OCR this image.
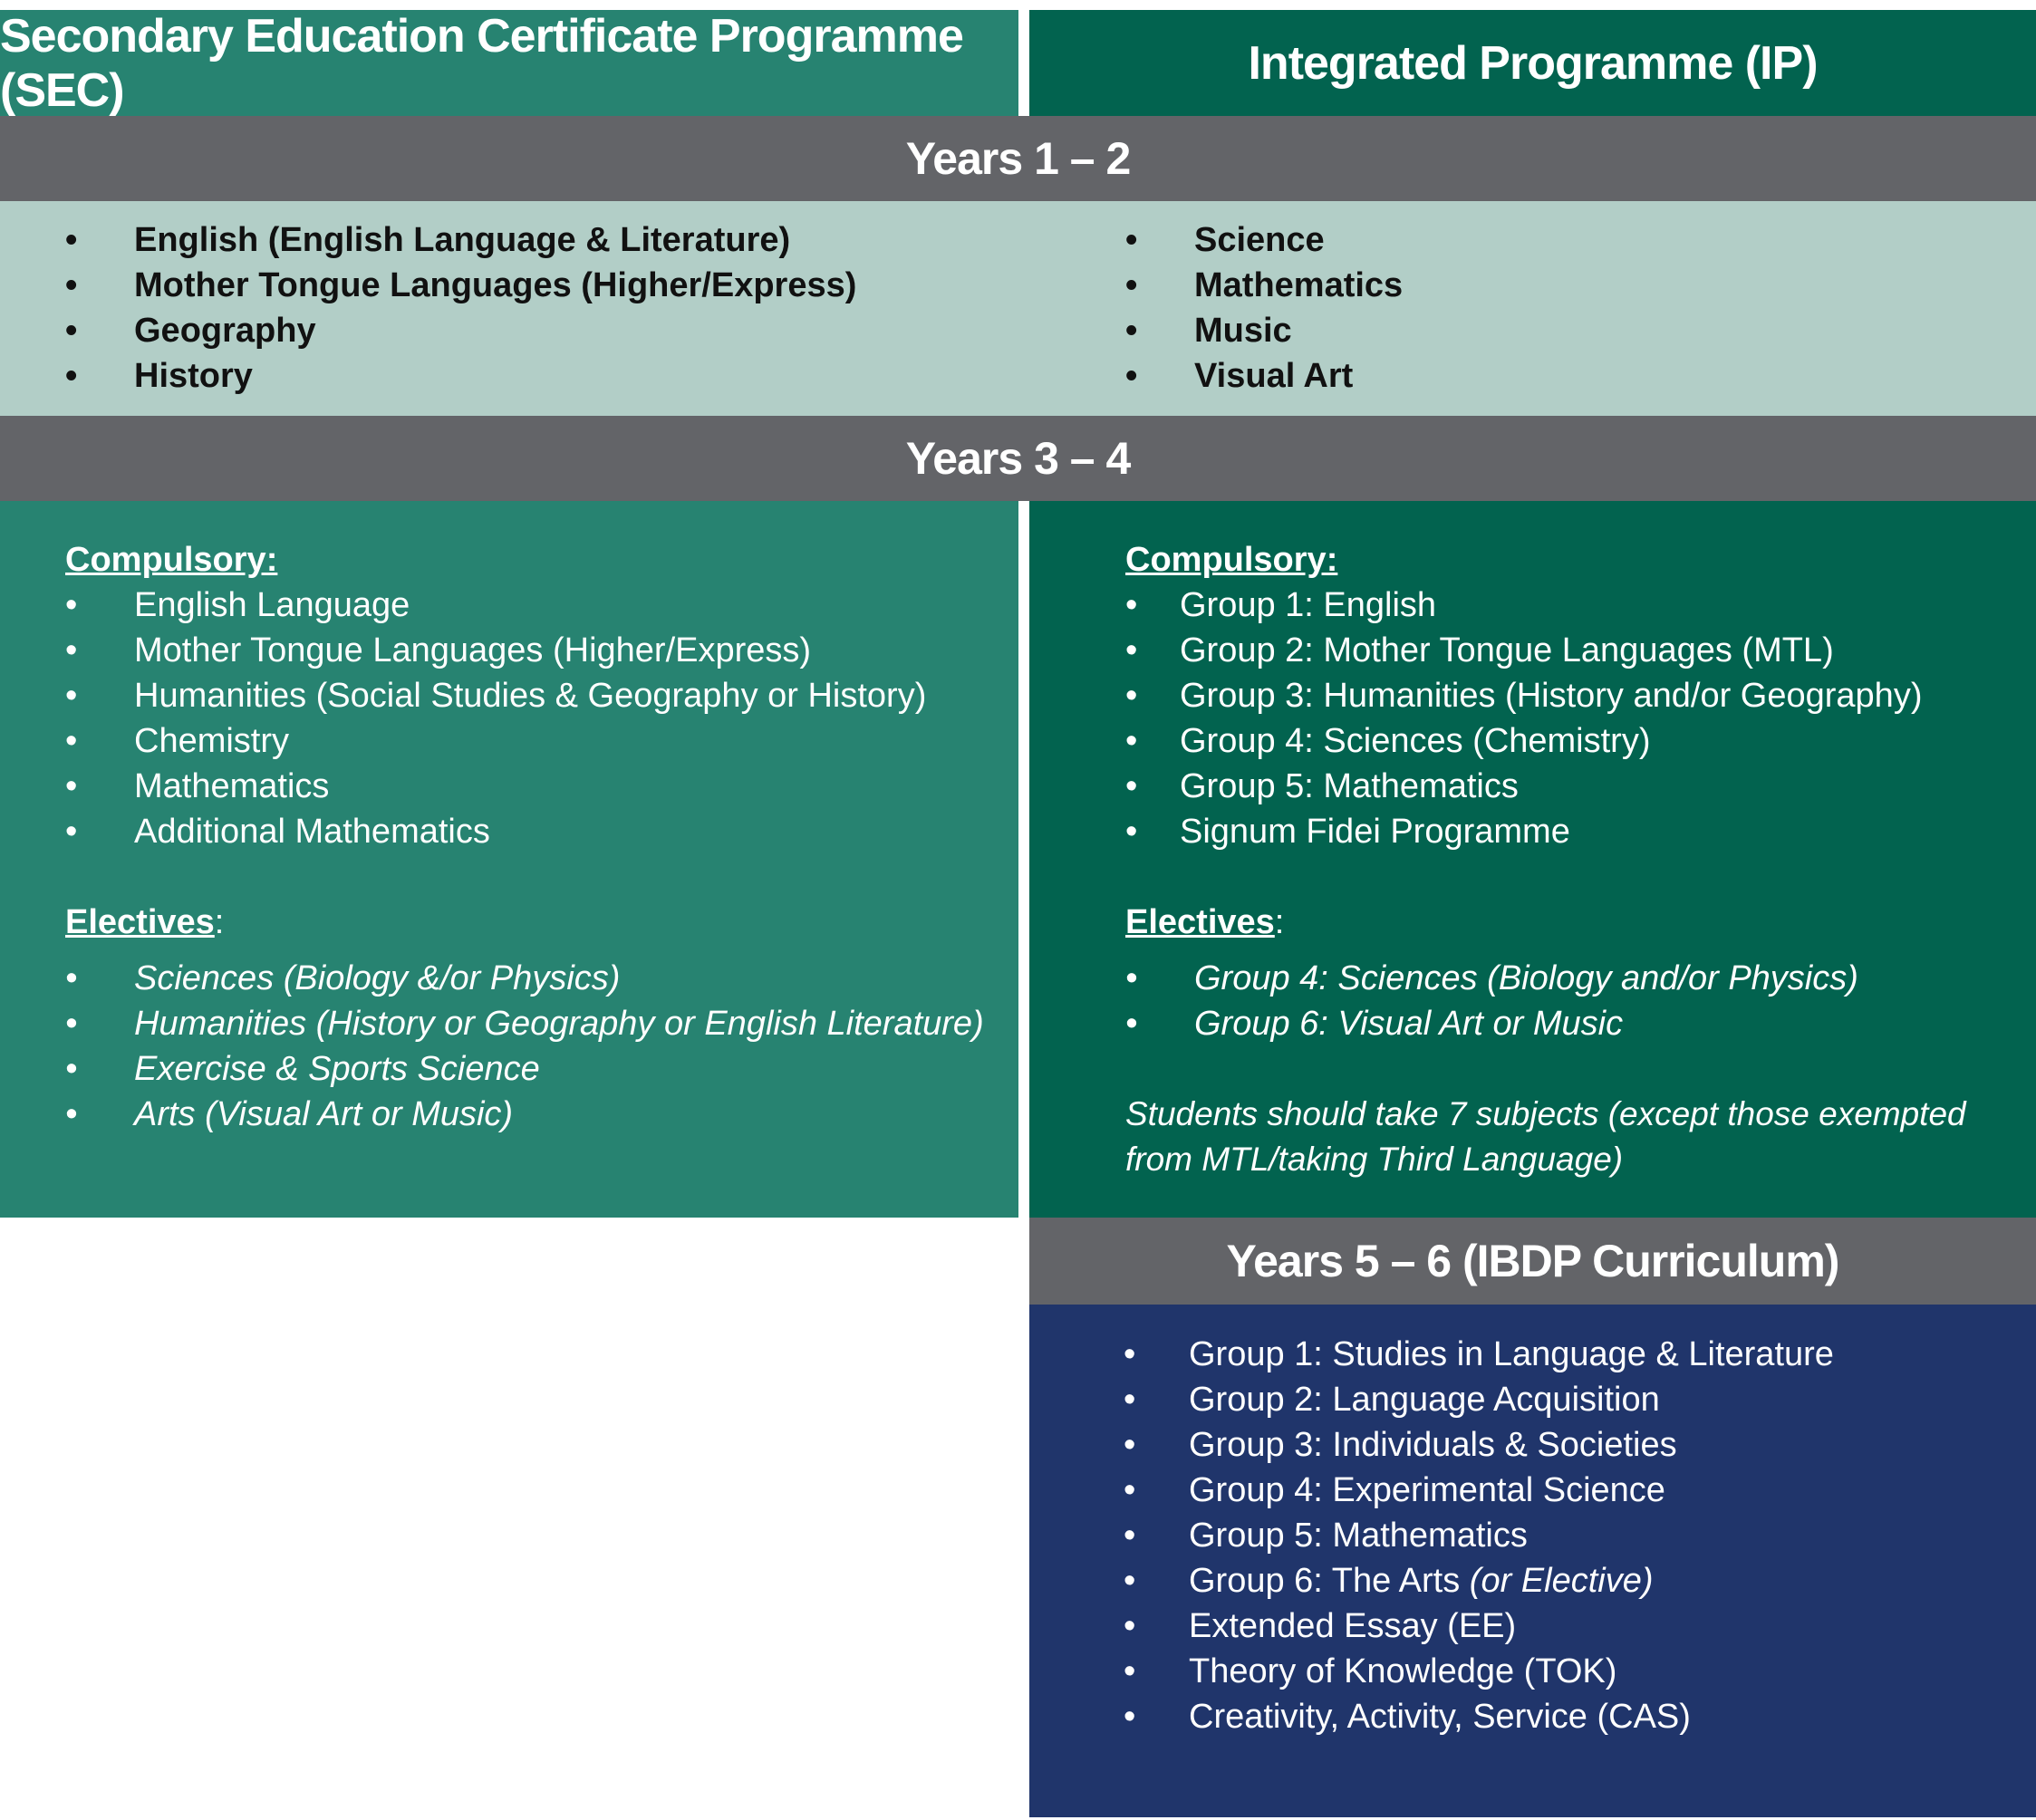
Secondary Education Certificate Programme (SEC)
Integrated Programme (IP)
Years 1 – 2
• English (English Language & Literature)
• Mother Tongue Languages (Higher/Express)
• Geography
• History
• Science
• Mathematics
• Music
• Visual Art
Years 3 – 4
Compulsory:
• English Language
• Mother Tongue Languages (Higher/Express)
• Humanities (Social Studies & Geography or History)
• Chemistry
• Mathematics
• Additional Mathematics
Electives:
• Sciences (Biology &/or Physics)
• Humanities (History or Geography or English Literature)
• Exercise & Sports Science
• Arts (Visual Art or Music)
Compulsory:
• Group 1: English
• Group 2: Mother Tongue Languages (MTL)
• Group 3: Humanities (History and/or Geography)
• Group 4: Sciences (Chemistry)
• Group 5: Mathematics
• Signum Fidei Programme
Electives:
• Group 4: Sciences (Biology and/or Physics)
• Group 6: Visual Art or Music
Students should take 7 subjects (except those exempted from MTL/taking Third Language)
Years 5 – 6 (IBDP Curriculum)
• Group 1: Studies in Language & Literature
• Group 2: Language Acquisition
• Group 3: Individuals & Societies
• Group 4: Experimental Science
• Group 5: Mathematics
• Group 6: The Arts (or Elective)
• Extended Essay (EE)
• Theory of Knowledge (TOK)
• Creativity, Activity, Service (CAS)
